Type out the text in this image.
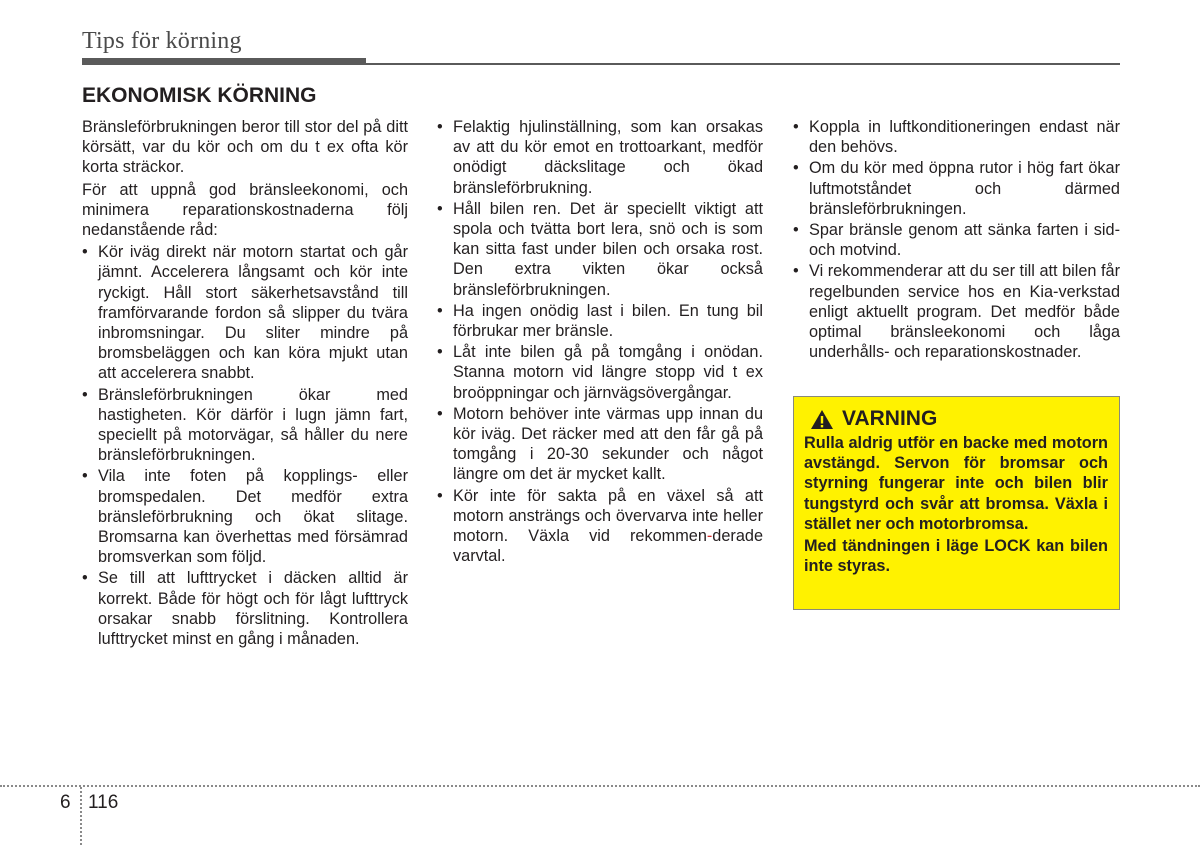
Tips för körning
EKONOMISK KÖRNING

Bränsleförbrukningen beror till stor del på ditt körsätt, var du kör och om du t ex ofta kör korta sträckor.

För att uppnå god bränsleekonomi, och minimera reparationskostnaderna följ nedanstående råd:

• Kör iväg direkt när motorn startat och går jämnt. Accelerera långsamt och kör inte ryckigt. Håll stort säkerhetsavstånd till framförvarande fordon så slipper du tvära inbromsningar. Du sliter mindre på bromsbeläggen och kan köra mjukt utan att accelerera snabbt.
• Bränsleförbrukningen ökar med hastigheten. Kör därför i lugn jämn fart, speciellt på motorvägar, så håller du nere bränsleförbrukningen.
• Vila inte foten på kopplings- eller bromspedalen. Det medför extra bränsleförbrukning och ökat slitage. Bromsarna kan överhettas med försämrad bromsverkan som följd.
• Se till att lufttrycket i däcken alltid är korrekt. Både för högt och för lågt lufttryck orsakar snabb förslitning. Kontrollera lufttrycket minst en gång i månaden.
• Felaktig hjulinställning, som kan orsakas av att du kör emot en trottoarkant, medför onödigt däckslitage och ökad bränsleförbrukning.
• Håll bilen ren. Det är speciellt viktigt att spola och tvätta bort lera, snö och is som kan sitta fast under bilen och orsaka rost. Den extra vikten ökar också bränsleförbrukningen.
• Ha ingen onödig last i bilen. En tung bil förbrukar mer bränsle.
• Låt inte bilen gå på tomgång i onödan. Stanna motorn vid längre stopp vid t ex broöppningar och järnvägsövergångar.
• Motorn behöver inte värmas upp innan du kör iväg. Det räcker med att den får gå på tomgång i 20-30 sekunder och något längre om det är mycket kallt.
• Kör inte för sakta på en växel så att motorn ansträngs och övervarva inte heller motorn. Växla vid rekommen-derade varvtal.
• Koppla in luftkonditioneringen endast när den behövs.
• Om du kör med öppna rutor i hög fart ökar luftmotståndet och därmed bränsleförbrukningen.
• Spar bränsle genom att sänka farten i sid- och motvind.
• Vi rekommenderar att du ser till att bilen får regelbunden service hos en Kia-verkstad enligt aktuellt program. Det medför både optimal bränsleekonomi och låga underhålls- och reparationskostnader.
VARNING

Rulla aldrig utför en backe med motorn avstängd. Servon för bromsar och styrning fungerar inte och bilen blir tungstyrd och svår att bromsa. Växla i stället ner och motorbromsa.

Med tändningen i läge LOCK kan bilen inte styras.

6 116
